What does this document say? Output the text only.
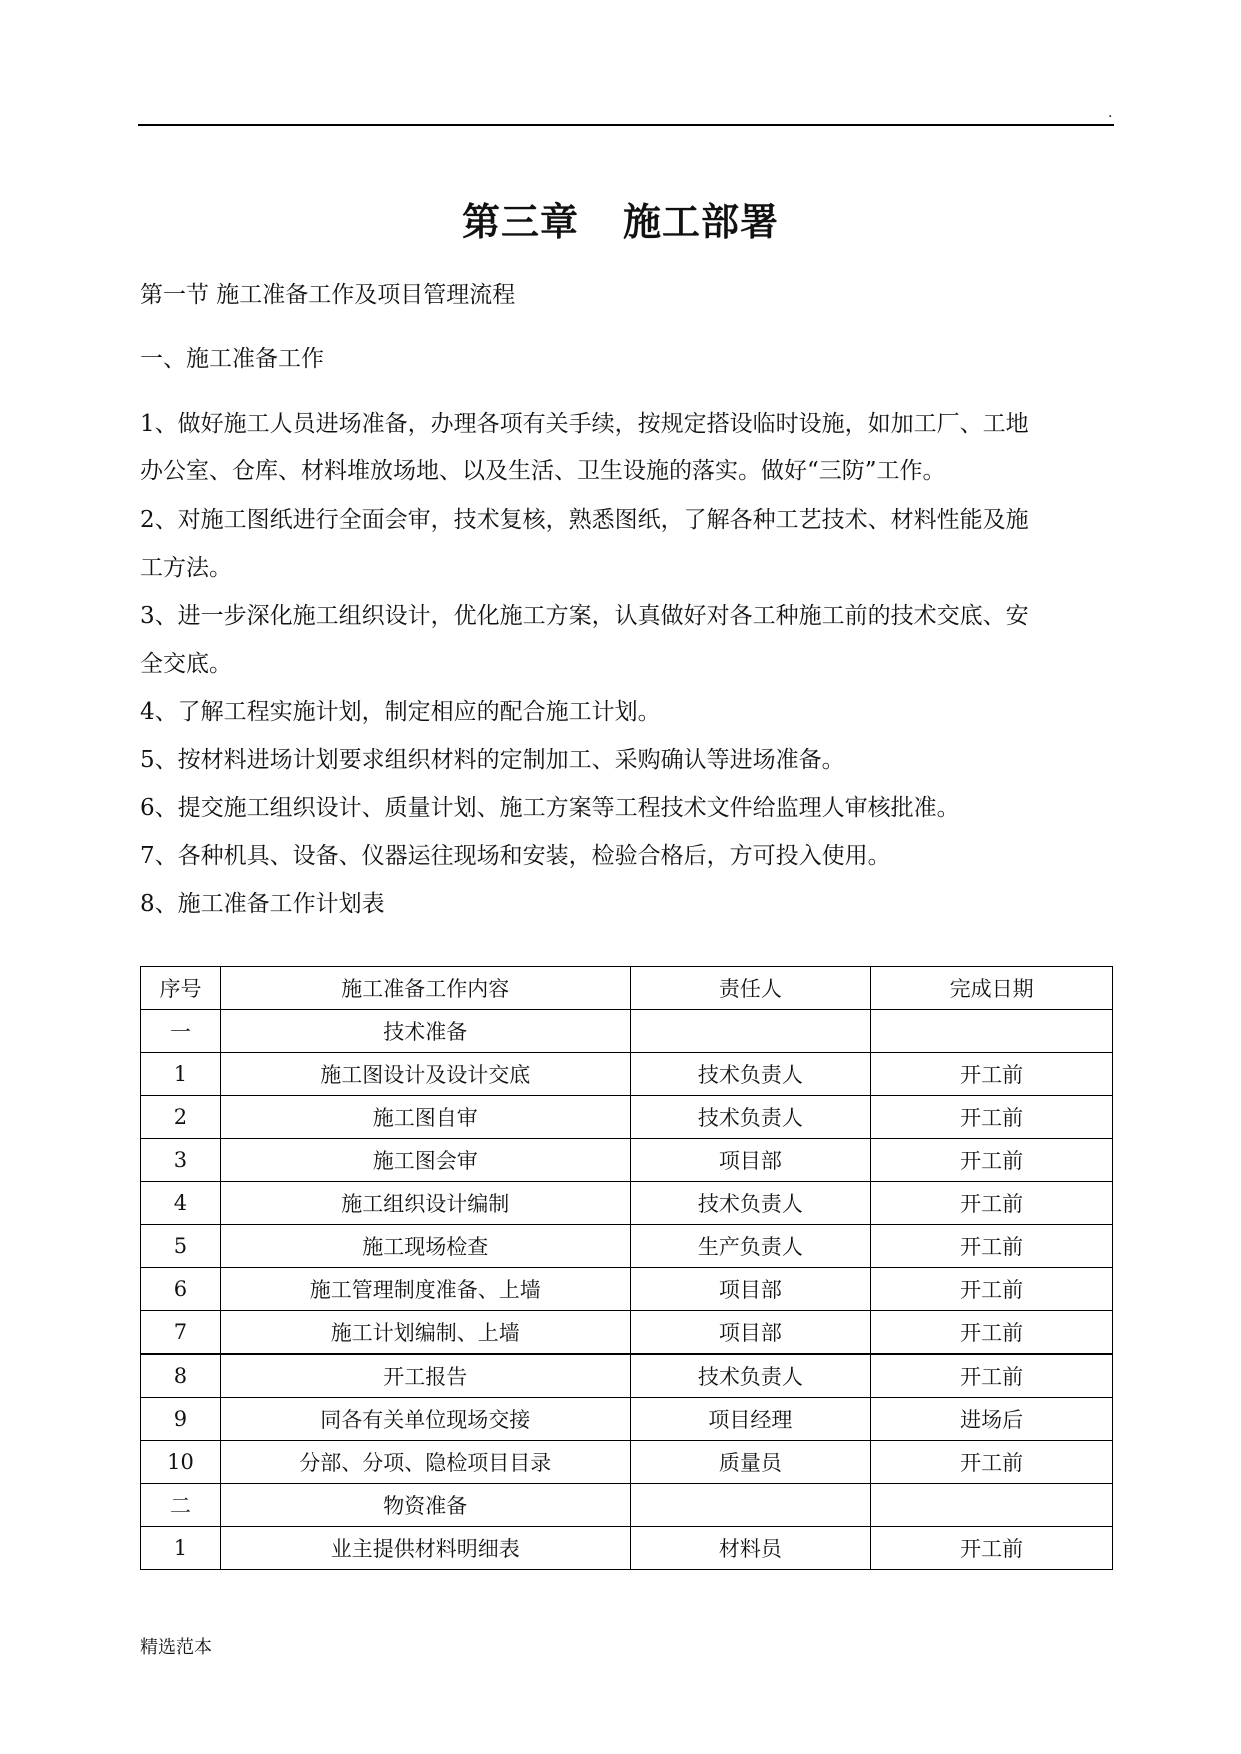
.
第三章 施工部署
第一节 施工准备工作及项目管理流程
一、施工准备工作
1、做好施工人员进场准备，办理各项有关手续，按规定搭设临时设施，如加工厂、工地
办公室、仓库、材料堆放场地、以及生活、卫生设施的落实。做好“三防”工作。
2、对施工图纸进行全面会审，技术复核，熟悉图纸，了解各种工艺技术、材料性能及施
工方法。
3、进一步深化施工组织设计，优化施工方案，认真做好对各工种施工前的技术交底、安
全交底。
4、了解工程实施计划，制定相应的配合施工计划。
5、按材料进场计划要求组织材料的定制加工、采购确认等进场准备。
6、提交施工组织设计、质量计划、施工方案等工程技术文件给监理人审核批准。
7、各种机具、设备、仪器运往现场和安装，检验合格后，方可投入使用。
8、施工准备工作计划表
序号	施工准备工作内容	责任人	完成日期
一	技术准备		
1	施工图设计及设计交底	技术负责人	开工前
2	施工图自审	技术负责人	开工前
3	施工图会审	项目部	开工前
4	施工组织设计编制	技术负责人	开工前
5	施工现场检查	生产负责人	开工前
6	施工管理制度准备、上墙	项目部	开工前
7	施工计划编制、上墙	项目部	开工前
8	开工报告	技术负责人	开工前
9	同各有关单位现场交接	项目经理	进场后
10	分部、分项、隐检项目目录	质量员	开工前
二	物资准备		
1	业主提供材料明细表	材料员	开工前
精选范本
